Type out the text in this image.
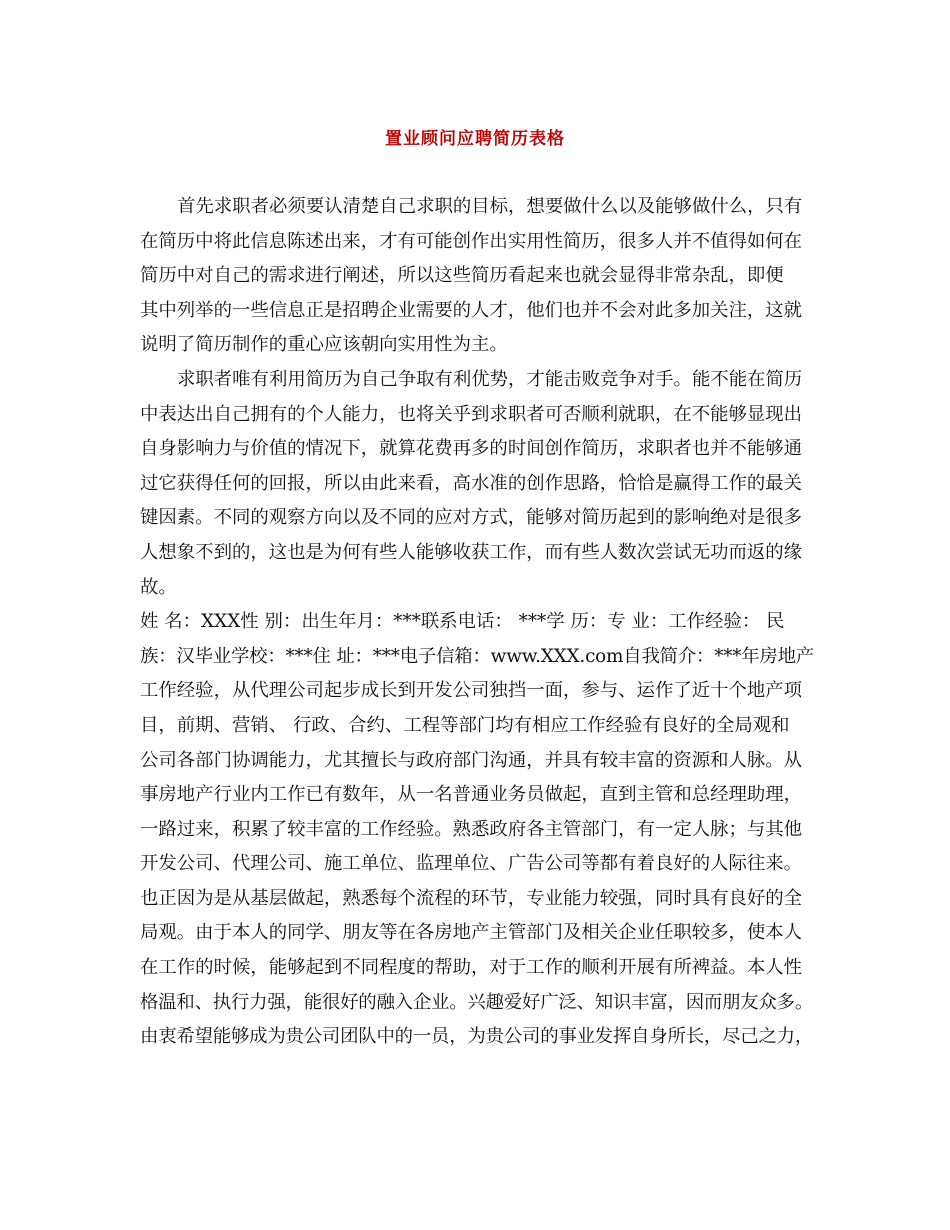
置业顾问应聘简历表格
首先求职者必须要认清楚自己求职的目标，想要做什么以及能够做什么，只有
在简历中将此信息陈述出来，才有可能创作出实用性简历，很多人并不值得如何在
简历中对自己的需求进行阐述，所以这些简历看起来也就会显得非常杂乱，即便
其中列举的一些信息正是招聘企业需要的人才，他们也并不会对此多加关注，这就
说明了简历制作的重心应该朝向实用性为主。
求职者唯有利用简历为自己争取有利优势，才能击败竞争对手。能不能在简历
中表达出自己拥有的个人能力，也将关乎到求职者可否顺利就职，在不能够显现出
自身影响力与价值的情况下，就算花费再多的时间创作简历，求职者也并不能够通
过它获得任何的回报，所以由此来看，高水准的创作思路，恰恰是赢得工作的最关
键因素。不同的观察方向以及不同的应对方式，能够对简历起到的影响绝对是很多
人想象不到的，这也是为何有些人能够收获工作，而有些人数次尝试无功而返的缘
故。
姓 名：XXX性 别：出生年月：***联系电话： ***学 历：专 业：工作经验： 民
族：汉毕业学校：***住 址：***电子信箱：www.XXX.com自我简介：***年房地产
工作经验，从代理公司起步成长到开发公司独挡一面，参与、运作了近十个地产项
目，前期、营销、 行政、合约、工程等部门均有相应工作经验有良好的全局观和
公司各部门协调能力，尤其擅长与政府部门沟通，并具有较丰富的资源和人脉。从
事房地产行业内工作已有数年，从一名普通业务员做起，直到主管和总经理助理，
一路过来，积累了较丰富的工作经验。熟悉政府各主管部门，有一定人脉；与其他
开发公司、代理公司、施工单位、监理单位、广告公司等都有着良好的人际往来。
也正因为是从基层做起，熟悉每个流程的环节，专业能力较强，同时具有良好的全
局观。由于本人的同学、朋友等在各房地产主管部门及相关企业任职较多，使本人
在工作的时候，能够起到不同程度的帮助，对于工作的顺利开展有所裨益。本人性
格温和、执行力强，能很好的融入企业。兴趣爱好广泛、知识丰富，因而朋友众多。
由衷希望能够成为贵公司团队中的一员，为贵公司的事业发挥自身所长，尽己之力，
